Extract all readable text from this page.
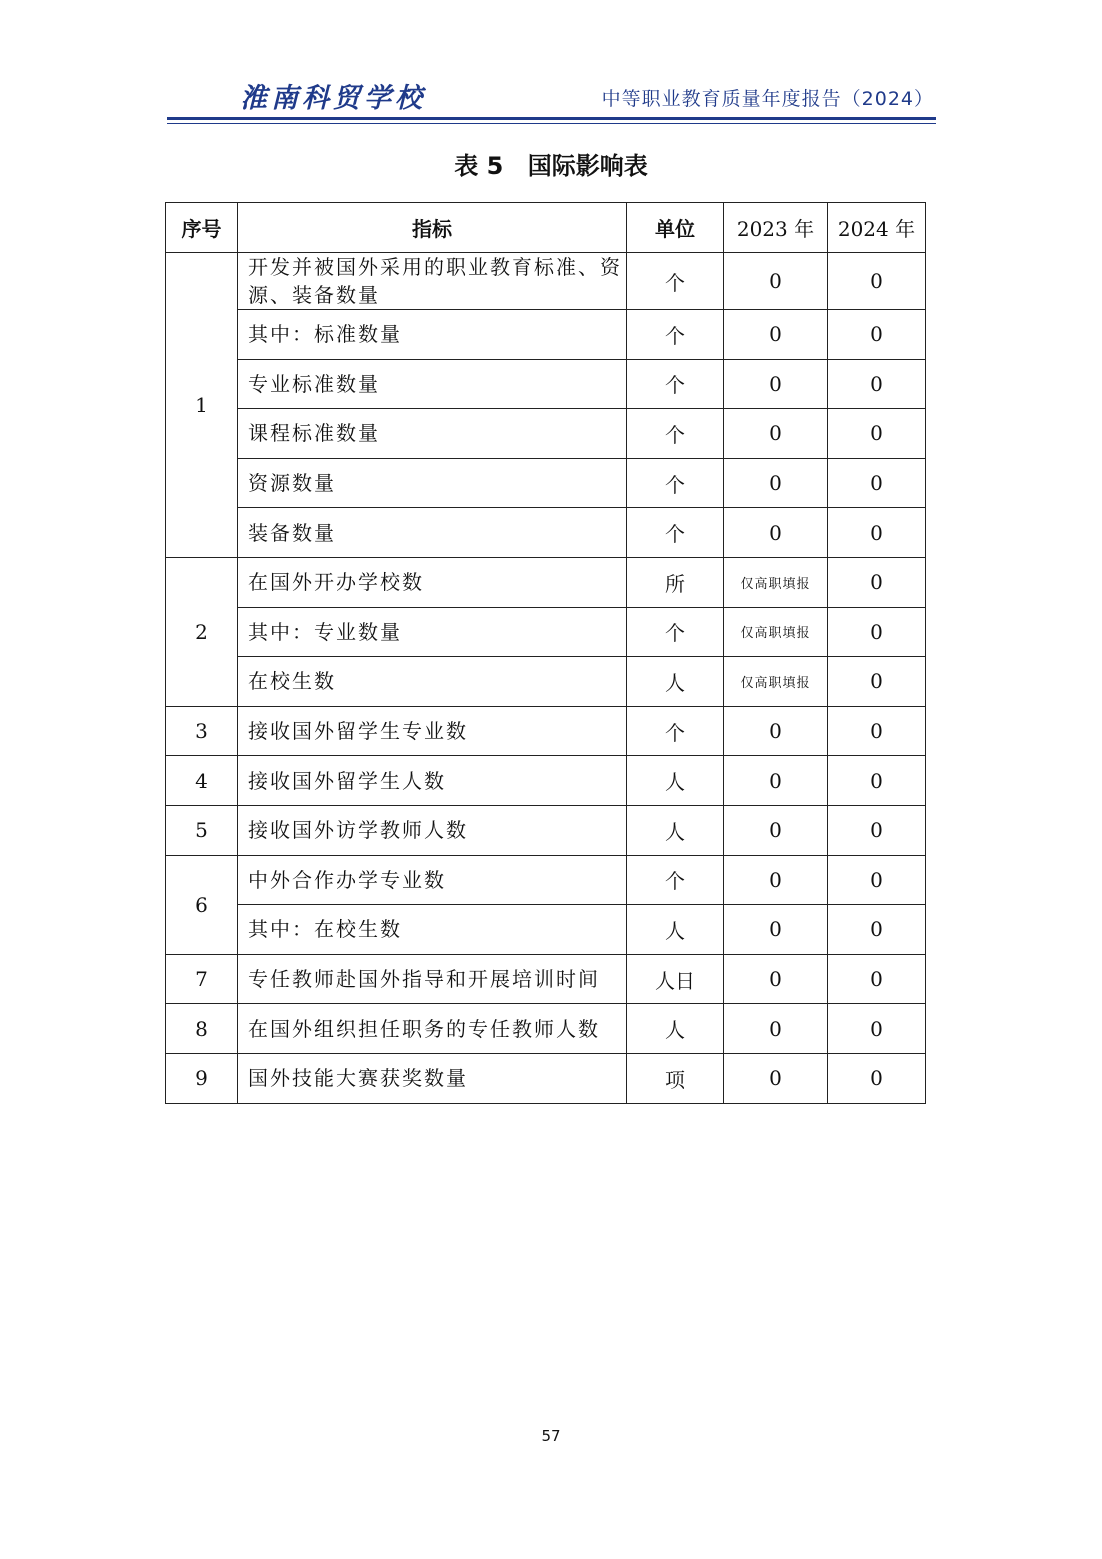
淮南科贸学校	中等职业教育质量年度报告（2024）
表 5 国际影响表
序号	指标	单位	2023 年	2024 年
1	开发并被国外采用的职业教育标准、资源、装备数量	个	0	0
	其中：标准数量	个	0	0
	专业标准数量	个	0	0
	课程标准数量	个	0	0
	资源数量	个	0	0
	装备数量	个	0	0
2	在国外开办学校数	所	仅高职填报	0
	其中：专业数量	个	仅高职填报	0
	在校生数	人	仅高职填报	0
3	接收国外留学生专业数	个	0	0
4	接收国外留学生人数	人	0	0
5	接收国外访学教师人数	人	0	0
6	中外合作办学专业数	个	0	0
	其中：在校生数	人	0	0
7	专任教师赴国外指导和开展培训时间	人日	0	0
8	在国外组织担任职务的专任教师人数	人	0	0
9	国外技能大赛获奖数量	项	0	0
57
